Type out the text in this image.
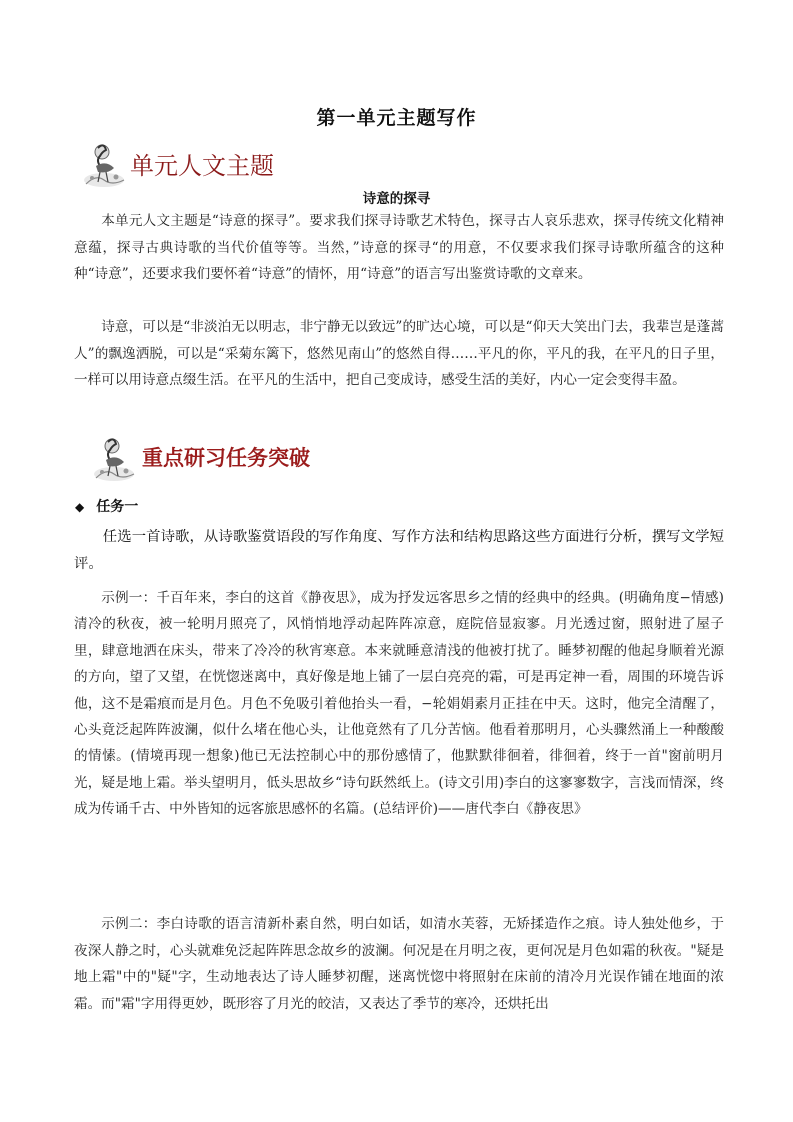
第一单元主题写作
单元人文主题
诗意的探寻
本单元人文主题是“诗意的探寻”。要求我们探寻诗歌艺术特色，探寻古人哀乐悲欢，探寻传统文化精神意蕴，探寻古典诗歌的当代价值等等。当然，”诗意的探寻“的用意，不仅要求我们探寻诗歌所蕴含的这种种“诗意”，还要求我们要怀着“诗意”的情怀，用“诗意”的语言写出鉴赏诗歌的文章来。
诗意，可以是“非淡泊无以明志，非宁静无以致远”的旷达心境，可以是“仰天大笑出门去，我辈岂是蓬蒿人”的飘逸洒脱，可以是“采菊东篱下，悠然见南山”的悠然自得……平凡的你，平凡的我，在平凡的日子里，一样可以用诗意点缀生活。在平凡的生活中，把自己变成诗，感受生活的美好，内心一定会变得丰盈。
重点研习任务突破
◆ 任务一
任选一首诗歌，从诗歌鉴赏语段的写作角度、写作方法和结构思路这些方面进行分析，撰写文学短评。
示例一：千百年来，李白的这首《静夜思》，成为抒发远客思乡之情的经典中的经典。(明确角度−情感)清冷的秋夜，被一轮明月照亮了，风悄悄地浮动起阵阵凉意，庭院倍显寂寥。月光透过窗，照射进了屋子里，肆意地洒在床头，带来了冷冷的秋宵寒意。本来就睡意清浅的他被打扰了。睡梦初醒的他起身顺着光源的方向，望了又望，在恍惚迷离中，真好像是地上铺了一层白亮亮的霜，可是再定神一看，周围的环境告诉他，这不是霜痕而是月色。月色不免吸引着他抬头一看，−轮娟娟素月正挂在中天。这时，他完全清醒了，心头竟泛起阵阵波澜，似什么堵在他心头，让他竟然有了几分苦恼。他看着那明月，心头骤然涌上一种酸酸的情愫。(情境再现一想象)他已无法控制心中的那份感情了，他默默徘徊着，徘徊着，终于一首"窗前明月光，疑是地上霜。举头望明月，低头思故乡“诗句跃然纸上。(诗文引用)李白的这寥寥数字，言浅而情深，终成为传诵千古、中外皆知的远客旅思感怀的名篇。(总结评价)——唐代李白《静夜思》
示例二：李白诗歌的语言清新朴素自然，明白如话，如清水芙蓉，无矫揉造作之痕。诗人独处他乡，于夜深人静之时，心头就难免泛起阵阵思念故乡的波澜。何况是在月明之夜，更何况是月色如霜的秋夜。"疑是地上霜"中的"疑"字，生动地表达了诗人睡梦初醒，迷离恍惚中将照射在床前的清冷月光误作铺在地面的浓霜。而"霜"字用得更妙，既形容了月光的皎洁，又表达了季节的寒冷，还烘托出
